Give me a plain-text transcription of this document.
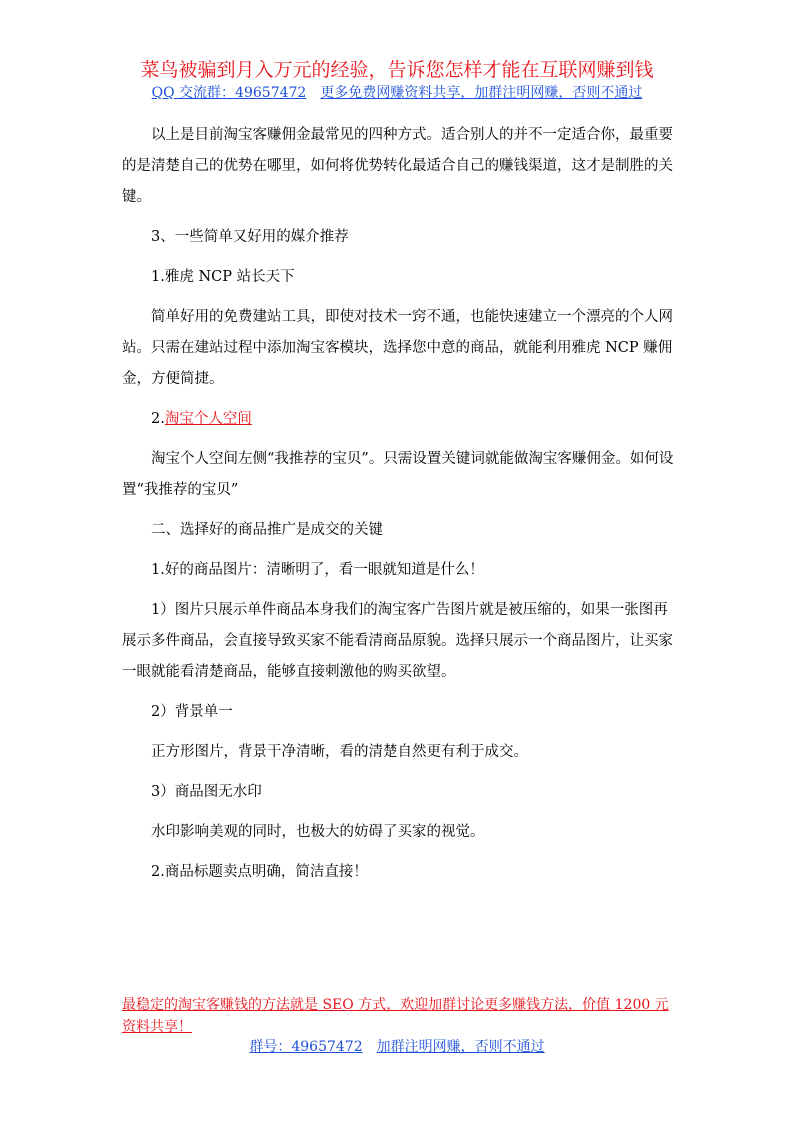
菜鸟被骗到月入万元的经验，告诉您怎样才能在互联网赚到钱
QQ 交流群：49657472 更多免费网赚资料共享，加群注明网赚，否则不通过

以上是目前淘宝客赚佣金最常见的四种方式。适合别人的并不一定适合你，最重要的是清楚自己的优势在哪里，如何将优势转化最适合自己的赚钱渠道，这才是制胜的关键。

3、一些简单又好用的媒介推荐

1.雅虎 NCP 站长天下

简单好用的免费建站工具，即使对技术一窍不通，也能快速建立一个漂亮的个人网站。只需在建站过程中添加淘宝客模块，选择您中意的商品，就能利用雅虎 NCP 赚佣金，方便简捷。

2.淘宝个人空间

淘宝个人空间左侧“我推荐的宝贝”。只需设置关键词就能做淘宝客赚佣金。如何设置“我推荐的宝贝”

二、选择好的商品推广是成交的关键

1.好的商品图片：清晰明了，看一眼就知道是什么！

1）图片只展示单件商品本身我们的淘宝客广告图片就是被压缩的，如果一张图再展示多件商品，会直接导致买家不能看清商品原貌。选择只展示一个商品图片，让买家一眼就能看清楚商品，能够直接刺激他的购买欲望。

2）背景单一

正方形图片，背景干净清晰，看的清楚自然更有利于成交。

3）商品图无水印

水印影响美观的同时，也极大的妨碍了买家的视觉。

2.商品标题卖点明确，简洁直接！

最稳定的淘宝客赚钱的方法就是 SEO 方式，欢迎加群讨论更多赚钱方法，价值 1200 元资料共享！
群号：49657472 加群注明网赚，否则不通过
